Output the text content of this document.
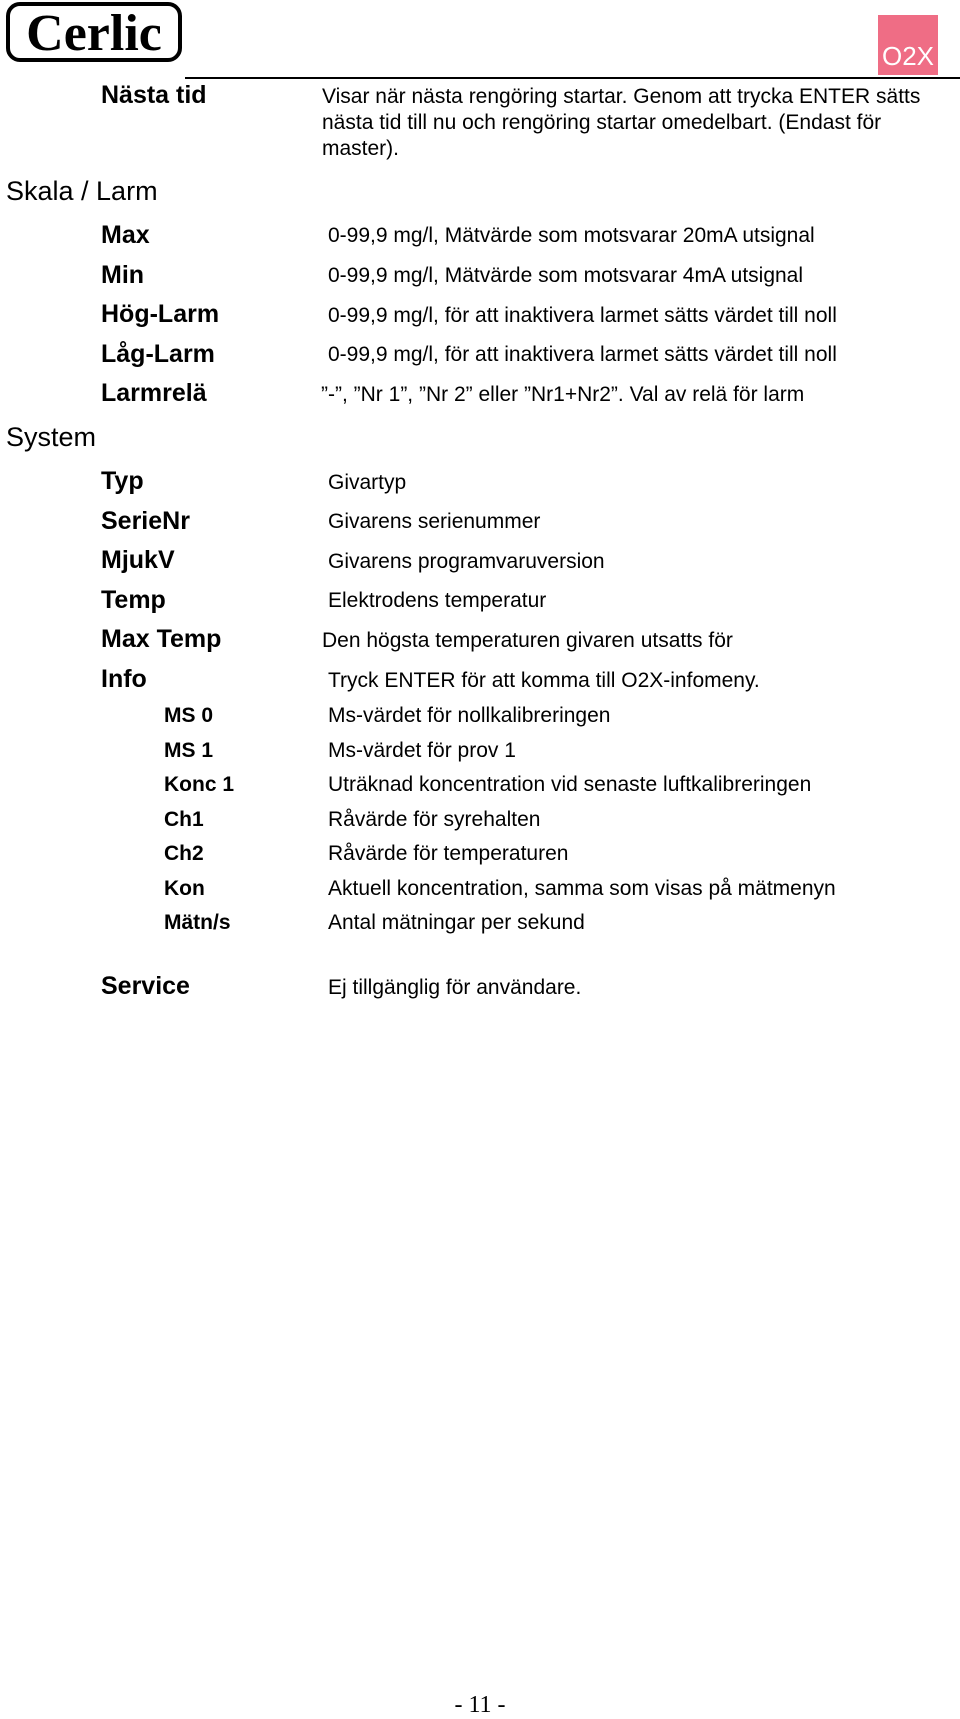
Cerlic	O2X
Nästa tid	Visar när nästa rengöring startar. Genom att trycka ENTER sätts nästa tid till nu och rengöring startar omedelbart. (Endast för master).
Skala / Larm
Max	0-99,9 mg/l, Mätvärde som motsvarar 20mA utsignal
Min	0-99,9 mg/l, Mätvärde som motsvarar 4mA utsignal
Hög-Larm	0-99,9 mg/l, för att inaktivera larmet sätts värdet till noll
Låg-Larm	0-99,9 mg/l, för att inaktivera larmet sätts värdet till noll
Larmrelä	”-”, ”Nr 1”, ”Nr 2” eller ”Nr1+Nr2”. Val av relä för larm
System
Typ	Givartyp
SerieNr	Givarens serienummer
MjukV	Givarens programvaruversion
Temp	Elektrodens temperatur
Max Temp	Den högsta temperaturen givaren utsatts för
Info	Tryck ENTER för att komma till O2X-infomeny.
MS 0	Ms-värdet för nollkalibreringen
MS 1	Ms-värdet för prov 1
Konc 1	Uträknad koncentration vid senaste luftkalibreringen
Ch1	Råvärde för syrehalten
Ch2	Råvärde för temperaturen
Kon	Aktuell koncentration, samma som visas på mätmenyn
Mätn/s	Antal mätningar per sekund
Service	Ej tillgänglig för användare.
- 11 -
